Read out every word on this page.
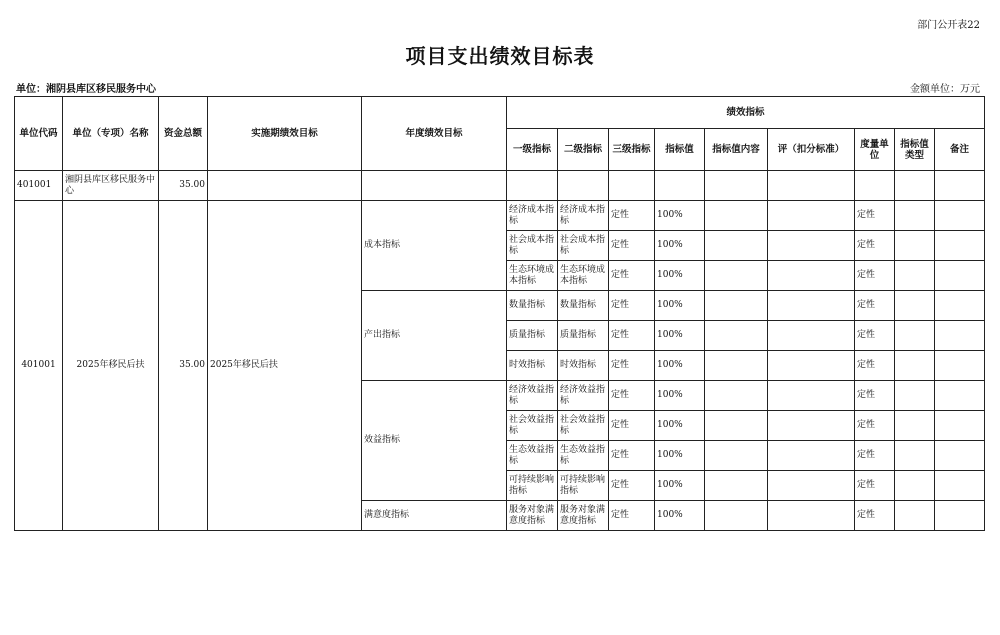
部门公开表22
项目支出绩效目标表
单位：湘阴县库区移民服务中心	金额单位：万元
单位代码	单位（专项）名称	资金总额	实施期绩效目标	年度绩效目标	绩效指标								
					一级指标	二级指标	三级指标	指标值	指标值内容	评（扣分标准）	度量单位	指标值类型	备注
401001	湘阴县库区移民服务中心	35.00											
401001	2025年移民后扶	35.00	2025年移民后扶	成本指标	经济成本指标	经济成本指标	定性	100%			定性		
					社会成本指标	社会成本指标	定性	100%			定性		
					生态环境成本指标	生态环境成本指标	定性	100%			定性		
				产出指标	数量指标	数量指标	定性	100%			定性		
					质量指标	质量指标	定性	100%			定性		
					时效指标	时效指标	定性	100%			定性		
				效益指标	经济效益指标	经济效益指标	定性	100%			定性		
					社会效益指标	社会效益指标	定性	100%			定性		
					生态效益指标	生态效益指标	定性	100%			定性		
					可持续影响指标	可持续影响指标	定性	100%			定性		
				满意度指标	服务对象满意度指标	服务对象满意度指标	定性	100%			定性		
